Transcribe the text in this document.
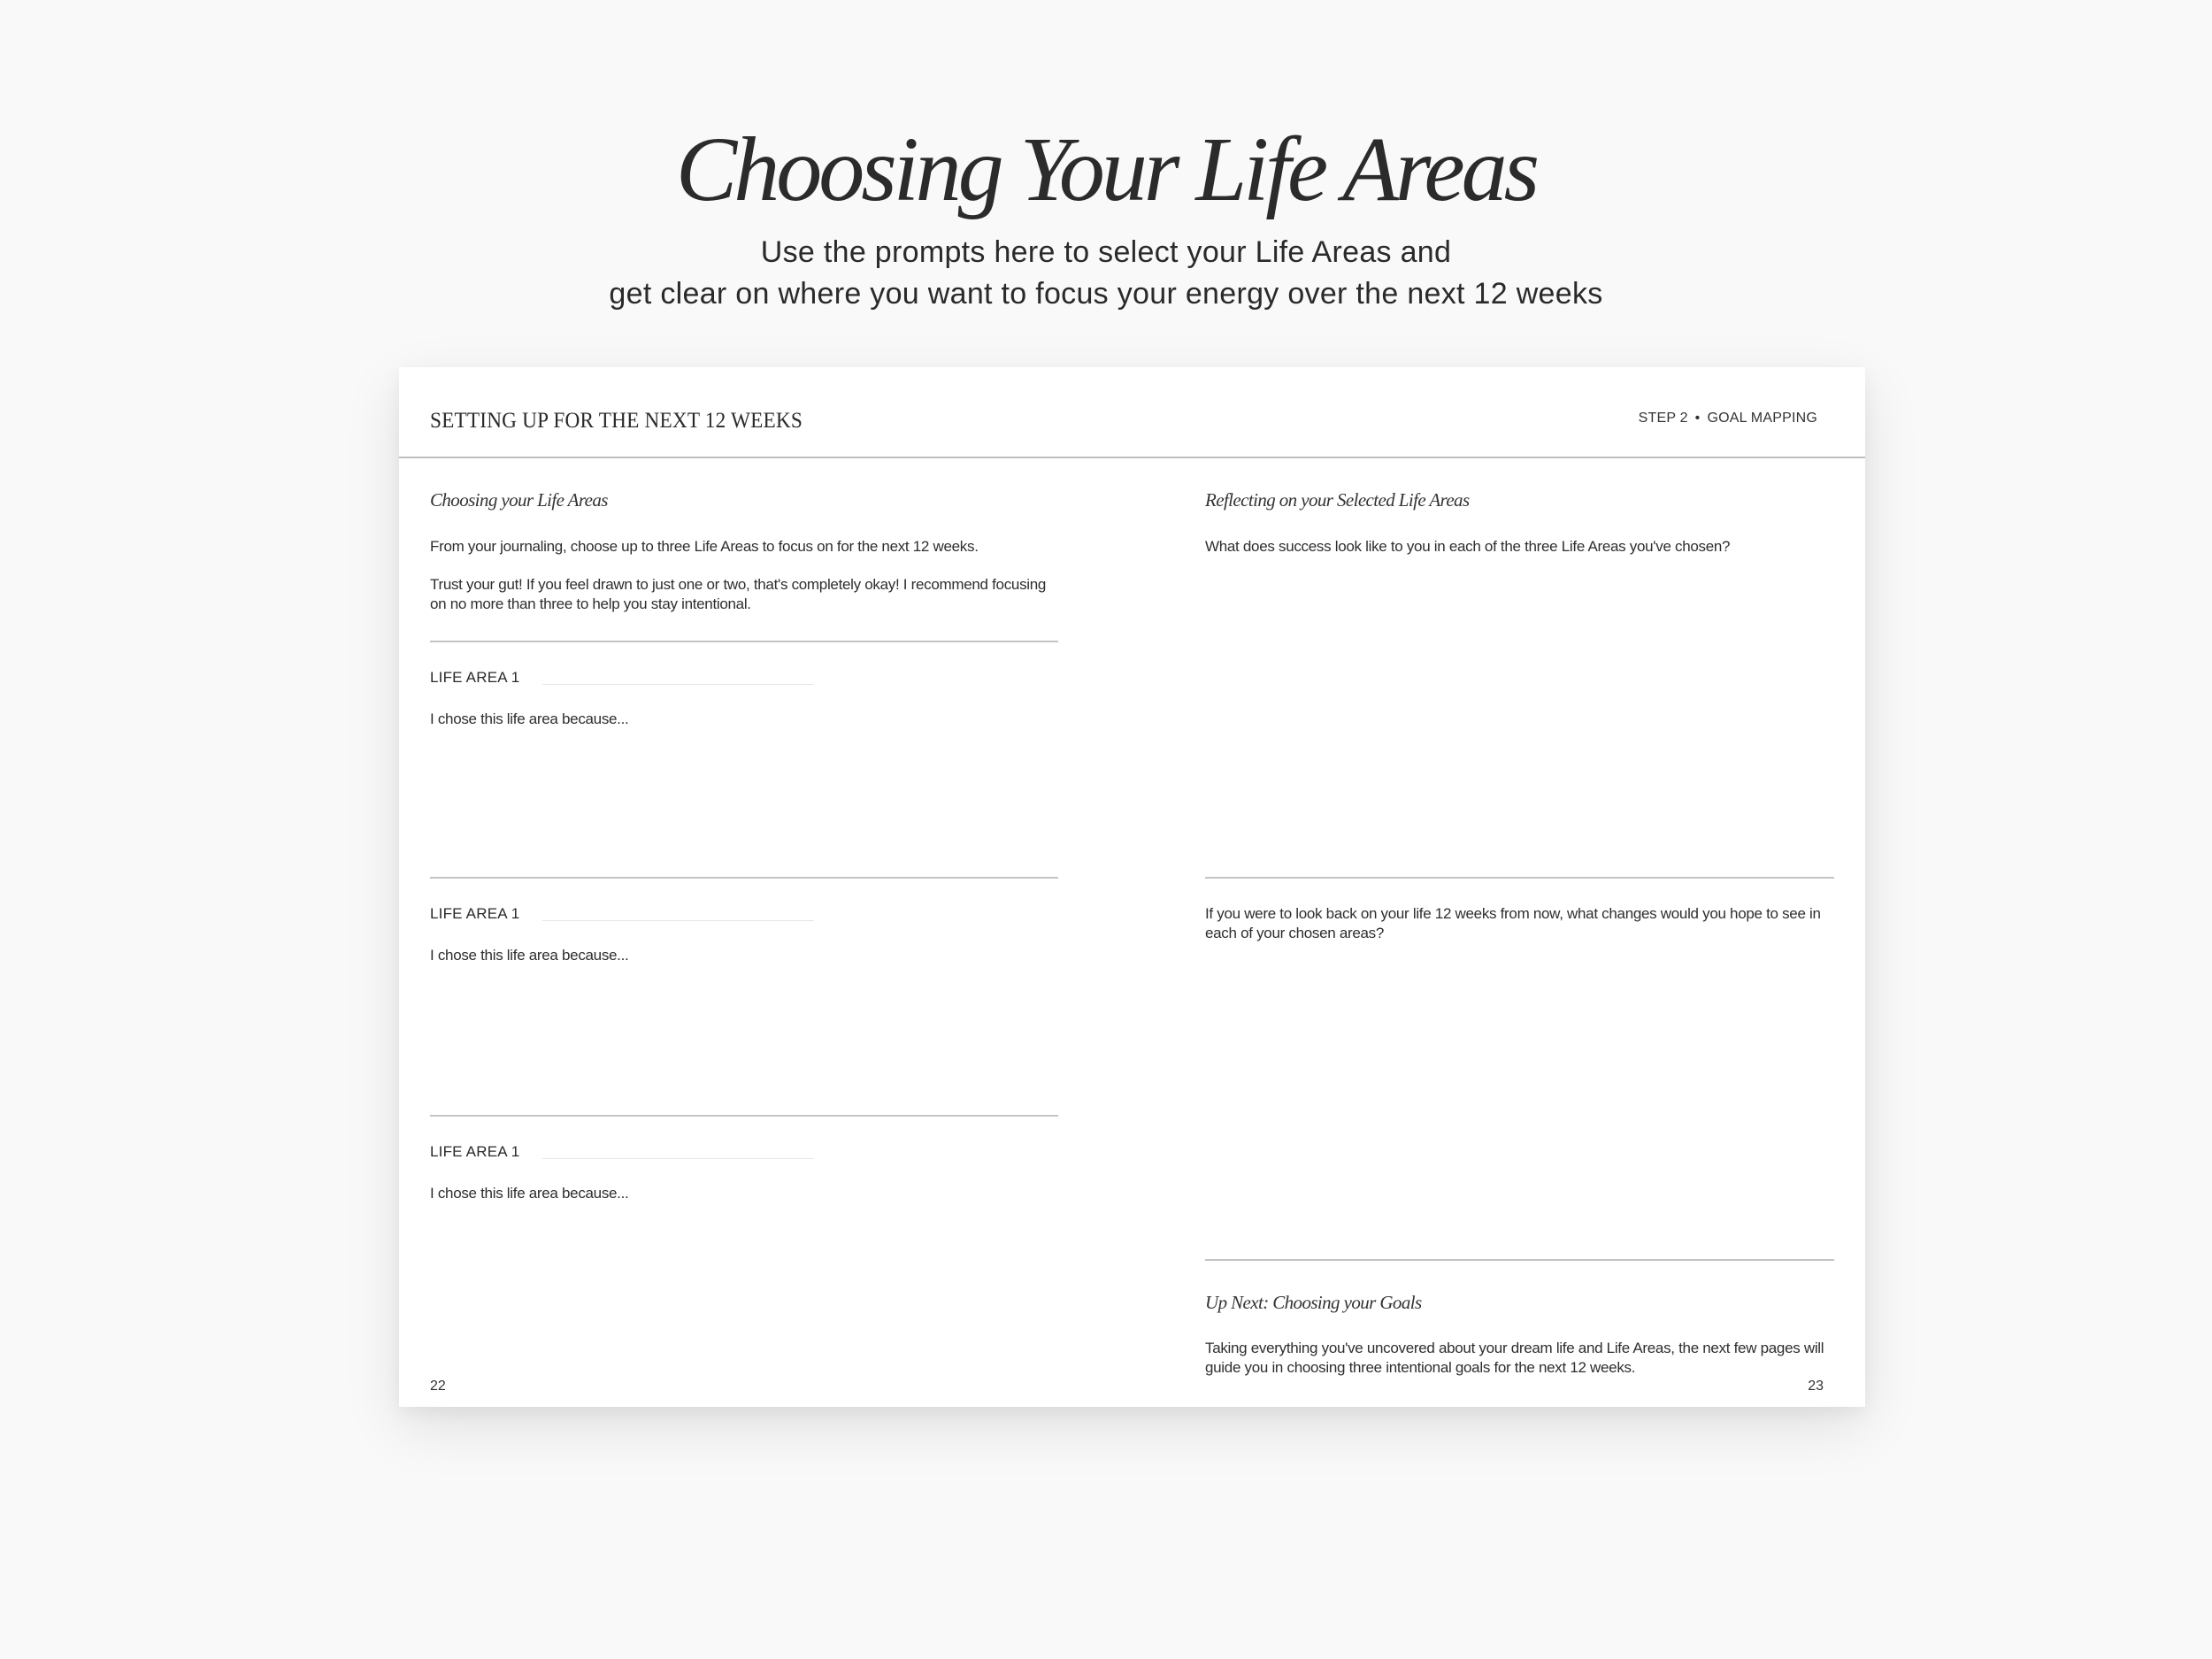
Choosing Your Life Areas
Use the prompts here to select your Life Areas and
get clear on where you want to focus your energy over the next 12 weeks
SETTING UP FOR THE NEXT 12 WEEKS	STEP 2 • GOAL MAPPING
Choosing your Life Areas
From your journaling, choose up to three Life Areas to focus on for the next 12 weeks.
Trust your gut! If you feel drawn to just one or two, that's completely okay! I recommend focusing on no more than three to help you stay intentional.
LIFE AREA 1
I chose this life area because...
LIFE AREA 1
I chose this life area because...
LIFE AREA 1
I chose this life area because...
22
Reflecting on your Selected Life Areas
What does success look like to you in each of the three Life Areas you've chosen?
If you were to look back on your life 12 weeks from now, what changes would you hope to see in each of your chosen areas?
Up Next: Choosing your Goals
Taking everything you've uncovered about your dream life and Life Areas, the next few pages will guide you in choosing three intentional goals for the next 12 weeks.
23
